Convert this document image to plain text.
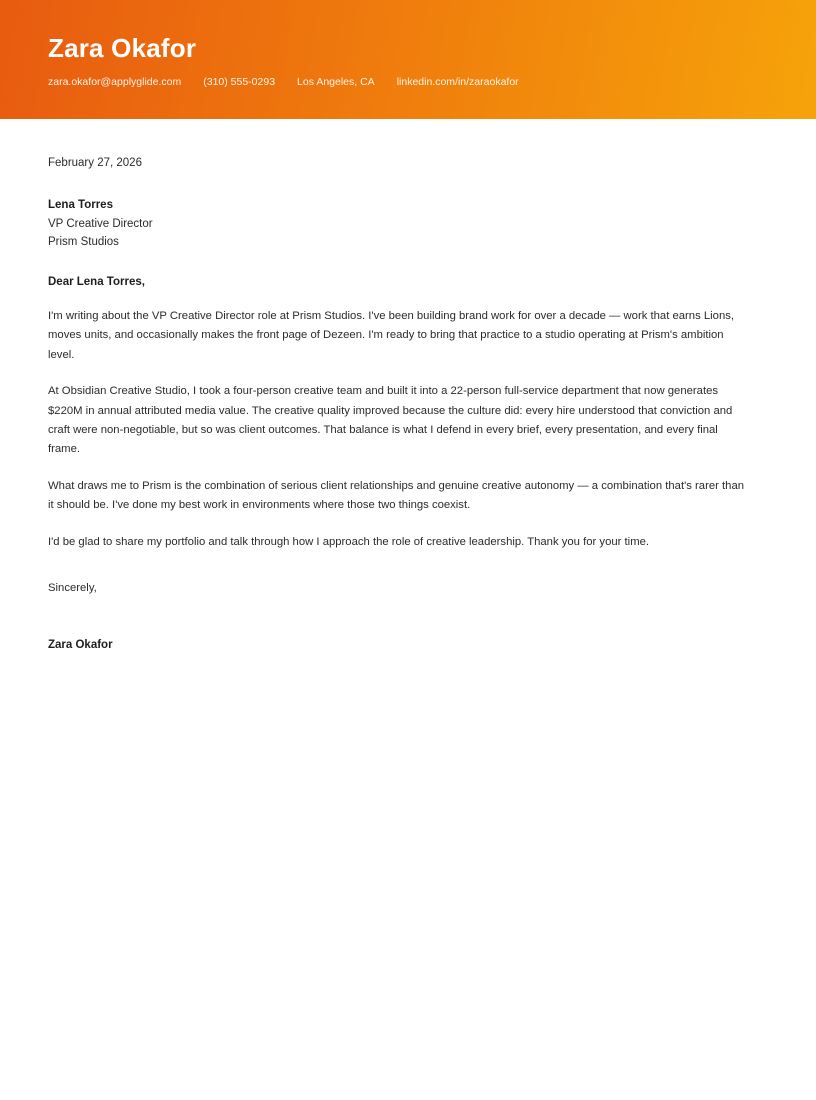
Zara Okafor
zara.okafor@applyglide.com (310) 555-0293 Los Angeles, CA linkedin.com/in/zaraokafor
February 27, 2026
Lena Torres
VP Creative Director
Prism Studios
Dear Lena Torres,

I'm writing about the VP Creative Director role at Prism Studios. I've been building brand work for over a decade — work that earns Lions, moves units, and occasionally makes the front page of Dezeen. I'm ready to bring that practice to a studio operating at Prism's ambition level.

At Obsidian Creative Studio, I took a four-person creative team and built it into a 22-person full-service department that now generates $220M in annual attributed media value. The creative quality improved because the culture did: every hire understood that conviction and craft were non-negotiable, but so was client outcomes. That balance is what I defend in every brief, every presentation, and every final frame.

What draws me to Prism is the combination of serious client relationships and genuine creative autonomy — a combination that's rarer than it should be. I've done my best work in environments where those two things coexist.

I'd be glad to share my portfolio and talk through how I approach the role of creative leadership. Thank you for your time.

Sincerely,
Zara Okafor
